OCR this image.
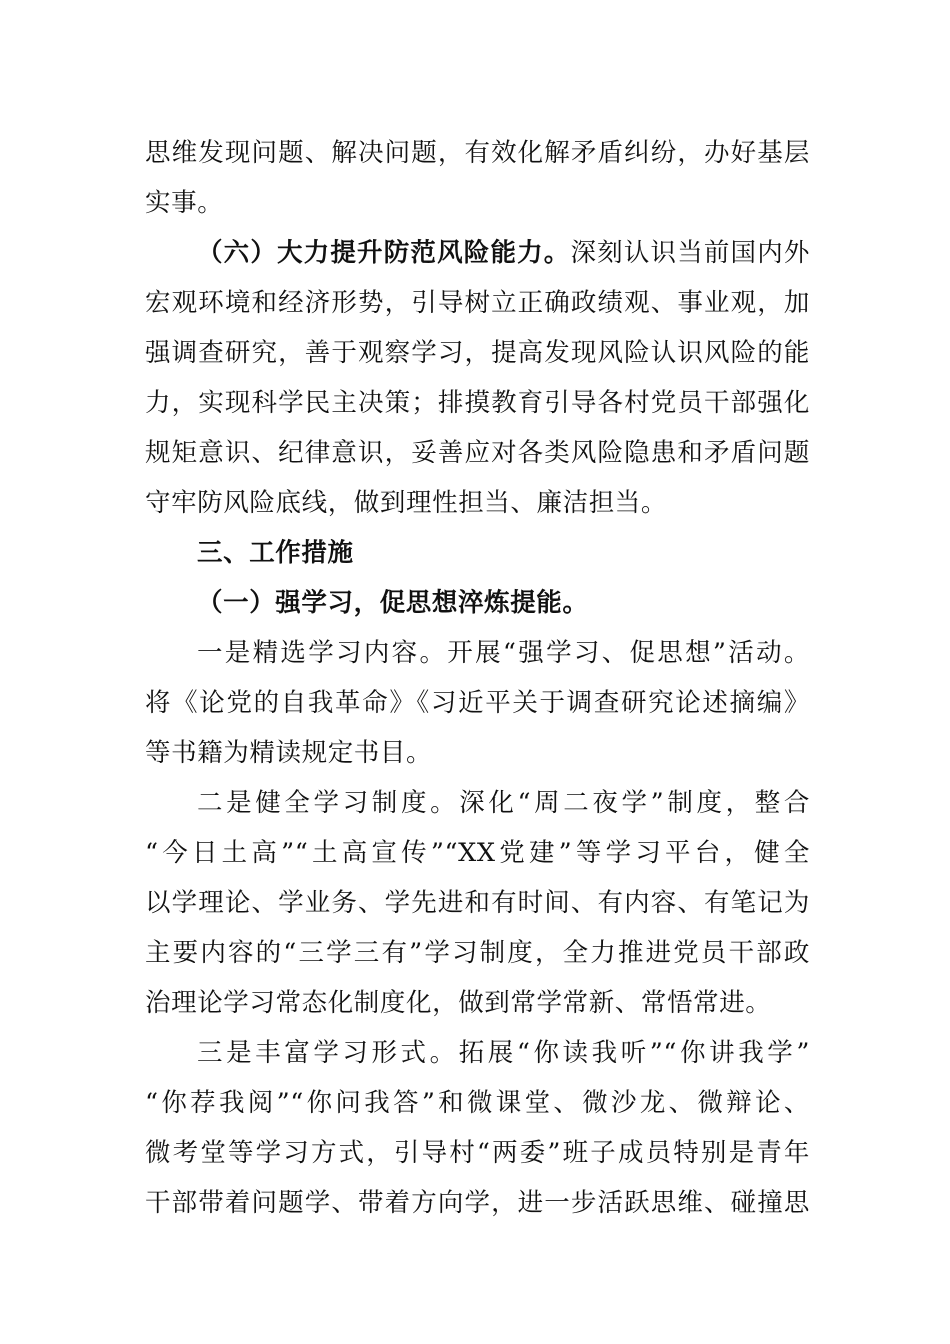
思维发现问题、解决问题，有效化解矛盾纠纷，办好基层
实事。
（六）大力提升防范风险能力。深刻认识当前国内外
宏观环境和经济形势，引导树立正确政绩观、事业观，加
强调查研究，善于观察学习，提高发现风险认识风险的能
力，实现科学民主决策；排摸教育引导各村党员干部强化
规矩意识、纪律意识，妥善应对各类风险隐患和矛盾问题
守牢防风险底线，做到理性担当、廉洁担当。
三、工作措施
（一）强学习，促思想淬炼提能。
一是精选学习内容。开展“强学习、促思想”活动。
将《论党的自我革命》《习近平关于调查研究论述摘编》
等书籍为精读规定书目。
二是健全学习制度。深化“周二夜学”制度，整合
“今日土高”“土高宣传”“XX党建”等学习平台，健全
以学理论、学业务、学先进和有时间、有内容、有笔记为
主要内容的“三学三有”学习制度，全力推进党员干部政
治理论学习常态化制度化，做到常学常新、常悟常进。
三是丰富学习形式。拓展“你读我听”“你讲我学”
“你荐我阅”“你问我答”和微课堂、微沙龙、微辩论、
微考堂等学习方式，引导村“两委”班子成员特别是青年
干部带着问题学、带着方向学，进一步活跃思维、碰撞思
